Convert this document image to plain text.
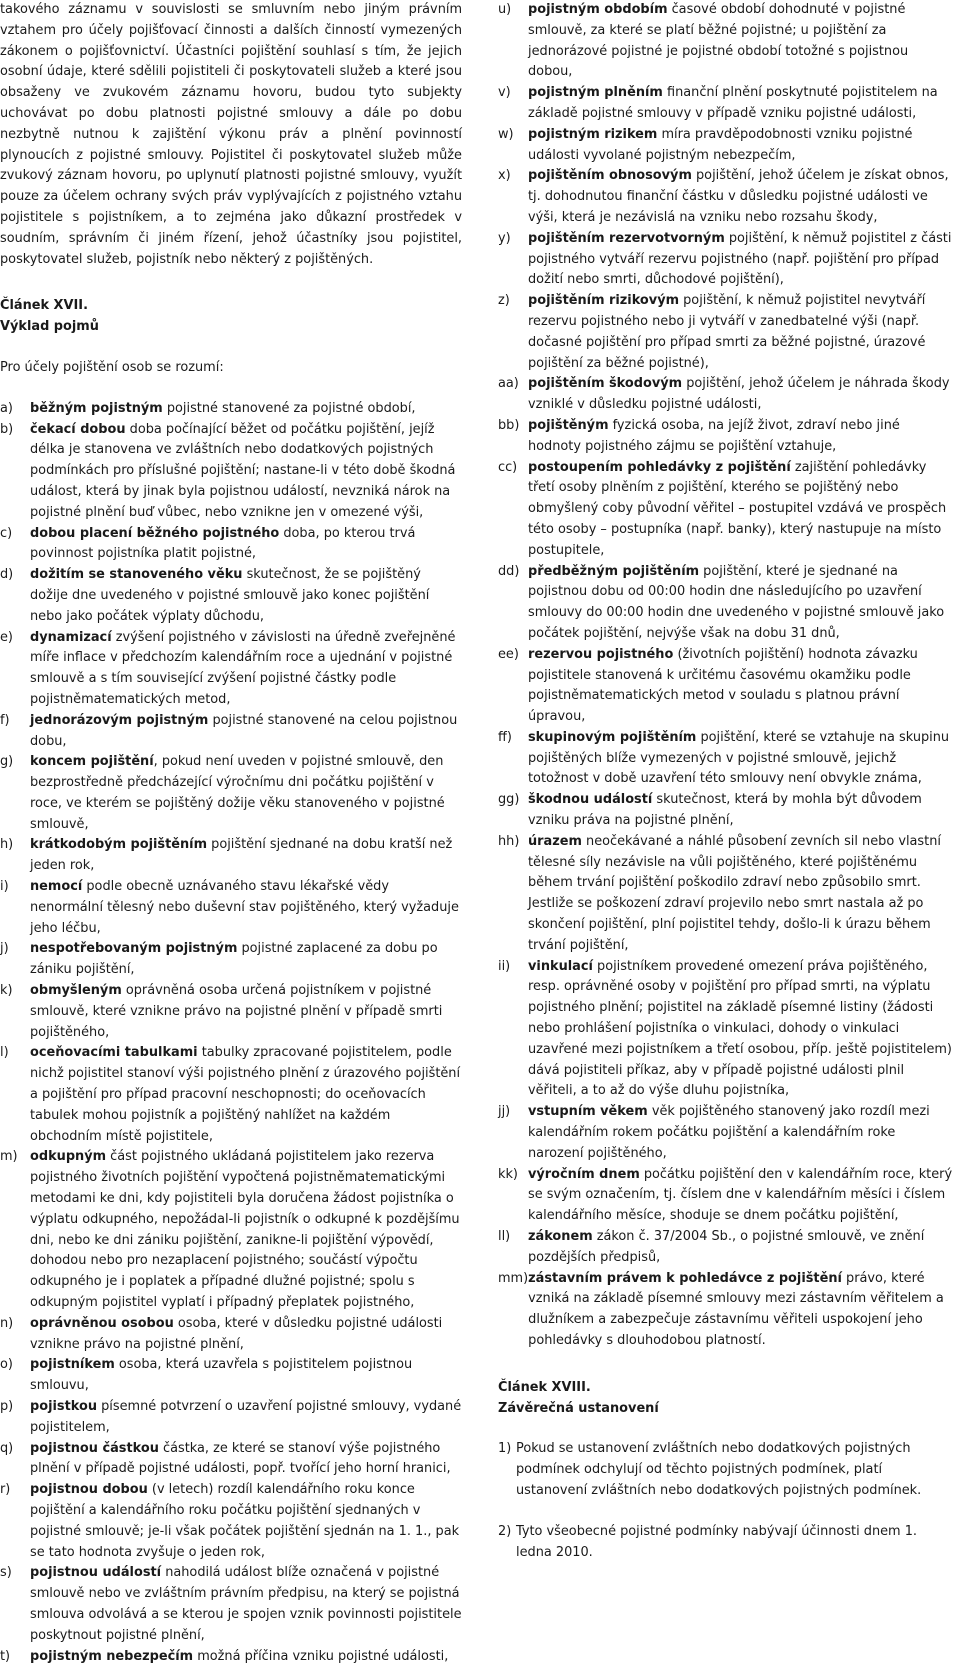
takového záznamu v souvislosti se smluvním nebo jiným právním vztahem pro účely pojišťovací činnosti a dalších činností vymezených zákonem o pojišťovnictví. Účastníci pojištění souhlasí s tím, že jejich osobní údaje, které sdělili pojistiteli či poskytovateli služeb a které jsou obsaženy ve zvukovém záznamu hovoru, budou tyto subjekty uchovávat po dobu platnosti pojistné smlouvy a dále po dobu nezbytně nutnou k zajištění výkonu práv a plnění povinností plynoucích z pojistné smlouvy. Pojistitel či poskytovatel služeb může zvukový záznam hovoru, po uplynutí platnosti pojistné smlouvy, využít pouze za účelem ochrany svých práv vyplývajících z pojistného vztahu pojistitele s pojistníkem, a to zejména jako důkazní prostředek v soudním, správním či jiném řízení, jehož účastníky jsou pojistitel, poskytovatel služeb, pojistník nebo některý z pojištěných.

Článek XVII.

Výklad pojmů

Pro účely pojištění osob se rozumí:

a)	běžným pojistným pojistné stanovené za pojistné období,
b)	čekací dobou doba počínající běžet od počátku pojištění, jejíž délka je stanovena ve zvláštních nebo dodatkových pojistných podmínkách pro příslušné pojištění; nastane-li v této době škodná událost, která by jinak byla pojistnou událostí, nevzniká nárok na pojistné plnění buď vůbec, nebo vznikne jen v omezené výši,
c)	dobou placení běžného pojistného doba, po kterou trvá povinnost pojistníka platit pojistné,
d)	dožitím se stanoveného věku skutečnost, že se pojištěný dožije dne uvedeného v pojistné smlouvě jako konec pojištění nebo jako počátek výplaty důchodu,
e)	dynamizací zvýšení pojistného v závislosti na úředně zveřejněné míře inflace v předchozím kalendářním roce a ujednání v pojistné smlouvě a s tím související zvýšení pojistné částky podle pojistněmatematických metod,
f)	jednorázovým pojistným pojistné stanovené na celou pojistnou dobu,
g)	koncem pojištění, pokud není uveden v pojistné smlouvě, den bezprostředně předcházející výročnímu dni počátku pojištění v roce, ve kterém se pojištěný dožije věku stanoveného v pojistné smlouvě,
h)	krátkodobým pojištěním pojištění sjednané na dobu kratší než jeden rok,
i)	nemocí podle obecně uznávaného stavu lékařské vědy nenormální tělesný nebo duševní stav pojištěného, který vyžaduje jeho léčbu,
j)	nespotřebovaným pojistným pojistné zaplacené za dobu po zániku pojištění,
k)	obmyšleným oprávněná osoba určená pojistníkem v pojistné smlouvě, které vznikne právo na pojistné plnění v případě smrti pojištěného,
l)	oceňovacími tabulkami tabulky zpracované pojistitelem, podle nichž pojistitel stanoví výši pojistného plnění z úrazového pojištění a pojištění pro případ pracovní neschopnosti; do oceňovacích tabulek mohou pojistník a pojištěný nahlížet na každém obchodním místě pojistitele,
m) odkupným část pojistného ukládaná pojistitelem jako rezerva pojistného životních pojištění vypočtená pojistněmatematickými metodami ke dni, kdy pojistiteli byla doručena žádost pojistníka o výplatu odkupného, nepožádal-li pojistník o odkupné k pozdějšímu dni, nebo ke dni zániku pojištění, zanikne-li pojištění výpovědí, dohodou nebo pro nezaplacení pojistného; součástí výpočtu odkupného je i poplatek a případné dlužné pojistné; spolu s odkupným pojistitel vyplatí i případný přeplatek pojistného,
n)	oprávněnou osobou osoba, které v důsledku pojistné události vznikne právo na pojistné plnění,
o)	pojistníkem osoba, která uzavřela s pojistitelem pojistnou smlouvu,
p)	pojistkou písemné potvrzení o uzavření pojistné smlouvy, vydané pojistitelem,
q)	pojistnou částkou částka, ze které se stanoví výše pojistného plnění v případě pojistné události, popř. tvořící jeho horní hranici,
r)	pojistnou dobou (v letech) rozdíl kalendářního roku konce pojištění a kalendářního roku počátku pojištění sjednaných v pojistné smlouvě; je-li však počátek pojištění sjednán na 1. 1., pak se tato hodnota zvyšuje o jeden rok,
s)	pojistnou událostí nahodilá událost blíže označená v pojistné smlouvě nebo ve zvláštním právním předpisu, na který se pojistná smlouva odvolává a se kterou je spojen vznik povinnosti pojistitele poskytnout pojistné plnění,
t)	pojistným nebezpečím možná příčina vzniku pojistné události,
u)	pojistným obdobím časové období dohodnuté v pojistné smlouvě, za které se platí běžné pojistné; u pojištění za jednorázové pojistné je pojistné období totožné s pojistnou dobou,
v)	pojistným plněním finanční plnění poskytnuté pojistitelem na základě pojistné smlouvy v případě vzniku pojistné události,
w)	pojistným rizikem míra pravděpodobnosti vzniku pojistné události vyvolané pojistným nebezpečím,
x)	pojištěním obnosovým pojištění, jehož účelem je získat obnos, tj. dohodnutou finanční částku v důsledku pojistné události ve výši, která je nezávislá na vzniku nebo rozsahu škody,
y)	pojištěním rezervotvorným pojištění, k němuž pojistitel z části pojistného vytváří rezervu pojistného (např. pojištění pro případ dožití nebo smrti, důchodové pojištění),
z)	pojištěním rizikovým pojištění, k němuž pojistitel nevytváří rezervu pojistného nebo ji vytváří v zanedbatelné výši (např. dočasné pojištění pro případ smrti za běžné pojistné, úrazové pojištění za běžné pojistné),
aa) pojištěním škodovým pojištění, jehož účelem je náhrada škody vzniklé v důsledku pojistné události,
bb) pojištěným fyzická osoba, na jejíž život, zdraví nebo jiné hodnoty pojistného zájmu se pojištění vztahuje,
cc) postoupením pohledávky z pojištění zajištění pohledávky třetí osoby plněním z pojištění, kterého se pojištěný nebo obmyšlený coby původní věřitel – postupitel vzdává ve prospěch této osoby – postupníka (např. banky), který nastupuje na místo postupitele,
dd) předběžným pojištěním pojištění, které je sjednané na pojistnou dobu od 00:00 hodin dne následujícího po uzavření smlouvy do 00:00 hodin dne uvedeného v pojistné smlouvě jako počátek pojištění, nejvýše však na dobu 31 dnů,
ee) rezervou pojistného (životních pojištění) hodnota závazku pojistitele stanovená k určitému časovému okamžiku podle pojistněmatematických metod v souladu s platnou právní úpravou,
ff)	skupinovým pojištěním pojištění, které se vztahuje na skupinu pojištěných blíže vymezených v pojistné smlouvě, jejichž totožnost v době uzavření této smlouvy není obvykle známa,
gg) škodnou událostí skutečnost, která by mohla být důvodem vzniku práva na pojistné plnění,
hh) úrazem neočekávané a náhlé působení zevních sil nebo vlastní tělesné síly nezávisle na vůli pojištěného, které pojištěnému během trvání pojištění poškodilo zdraví nebo způsobilo smrt. Jestliže se poškození zdraví projevilo nebo smrt nastala až po skončení pojištění, plní pojistitel tehdy, došlo-li k úrazu během trvání pojištění,
ii)	vinkulací pojistníkem provedené omezení práva pojištěného, resp. oprávněné osoby v pojištění pro případ smrti, na výplatu pojistného plnění; pojistitel na základě písemné listiny (žádosti nebo prohlášení pojistníka o vinkulaci, dohody o vinkulaci uzavřené mezi pojistníkem a třetí osobou, příp. ještě pojistitelem) dává pojistiteli příkaz, aby v případě pojistné události plnil věřiteli, a to až do výše dluhu pojistníka,
jj)	vstupním věkem věk pojištěného stanovený jako rozdíl mezi kalendářním rokem počátku pojištění a kalendářním roke narození pojištěného,
kk) výročním dnem počátku pojištění den v kalendářním roce, který se svým označením, tj. číslem dne v kalendářním měsíci i číslem kalendářního měsíce, shoduje se dnem počátku pojištění,
ll)	zákonem zákon č. 37/2004 Sb., o pojistné smlouvě, ve znění pozdějších předpisů,
mm) zástavním právem k pohledávce z pojištění právo, které vzniká na základě písemné smlouvy mezi zástavním věřitelem a dlužníkem a zabezpečuje zástavnímu věřiteli uspokojení jeho pohledávky s dlouhodobou platností.

Článek XVIII.

Závěrečná ustanovení

1) Pokud se ustanovení zvláštních nebo dodatkových pojistných podmínek odchylují od těchto pojistných podmínek, platí ustanovení zvláštních nebo dodatkových pojistných podmínek.
2) Tyto všeobecné pojistné podmínky nabývají účinnosti dnem 1. ledna 2010.
